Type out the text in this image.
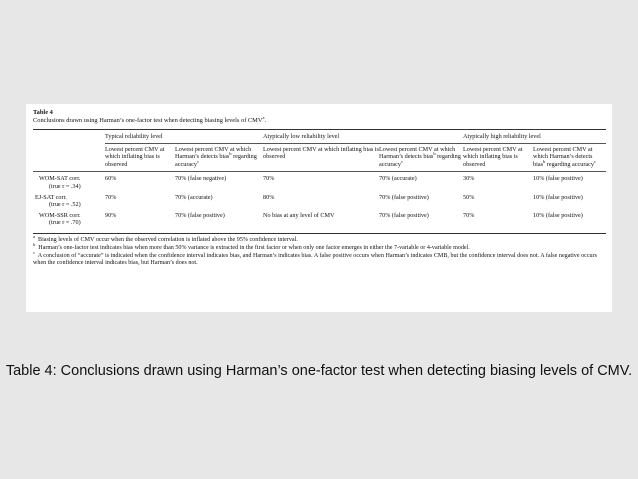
Table 4
Conclusions drawn using Harman’s one-factor test when detecting biasing levels of CMV$^a$.
	Typical reliability level		Atypically low reliability level		Atypically high reliability level	
	Lowest percent CMV at which inflating bias is observed	Lowest percent CMV at which Harman’s detects bias$^b$ regarding accuracy$^c$	Lowest percent CMV at which inflating bias is observed	Lowest percent CMV at which Harman’s detects bias$^b$ regarding accuracy$^c$	Lowest percent CMV at which inflating bias is observed	Lowest percent CMV at which Harman’s detects bias$^b$ regarding accuracy$^c$

WOM-SAT corr.
(true r = .34)	60%	70% (false negative)	70%	70% (accurate)	30%	10% (false positive)

EJ-SAT corr.
(true r = .52)	70%	70% (accurate)	80%	70% (false positive)	50%	10% (false positive)

WOM-SSR corr.
(true r = .70)	90%	70% (false positive)	No bias at any level of CMV	70% (false positive)	70%	10% (false positive)
$^a$  Biasing levels of CMV occur when the observed correlation is inflated above the 95% confidence interval.
$^b$  Harman’s one-factor test indicates bias when more than 50% variance is extracted in the first factor or when only one factor emerges in either the 7-variable or 4-variable model.
$^c$  A conclusion of “accurate” is indicated when the confidence interval indicates bias, and Harman’s indicates bias. A false positive occurs when Harman’s indicates CMB, but the confidence interval does not. A false negative occurs when the confidence interval indicates bias, but Harman’s does not.
Table 4: Conclusions drawn using Harman’s one-factor test when detecting biasing levels of CMV.
